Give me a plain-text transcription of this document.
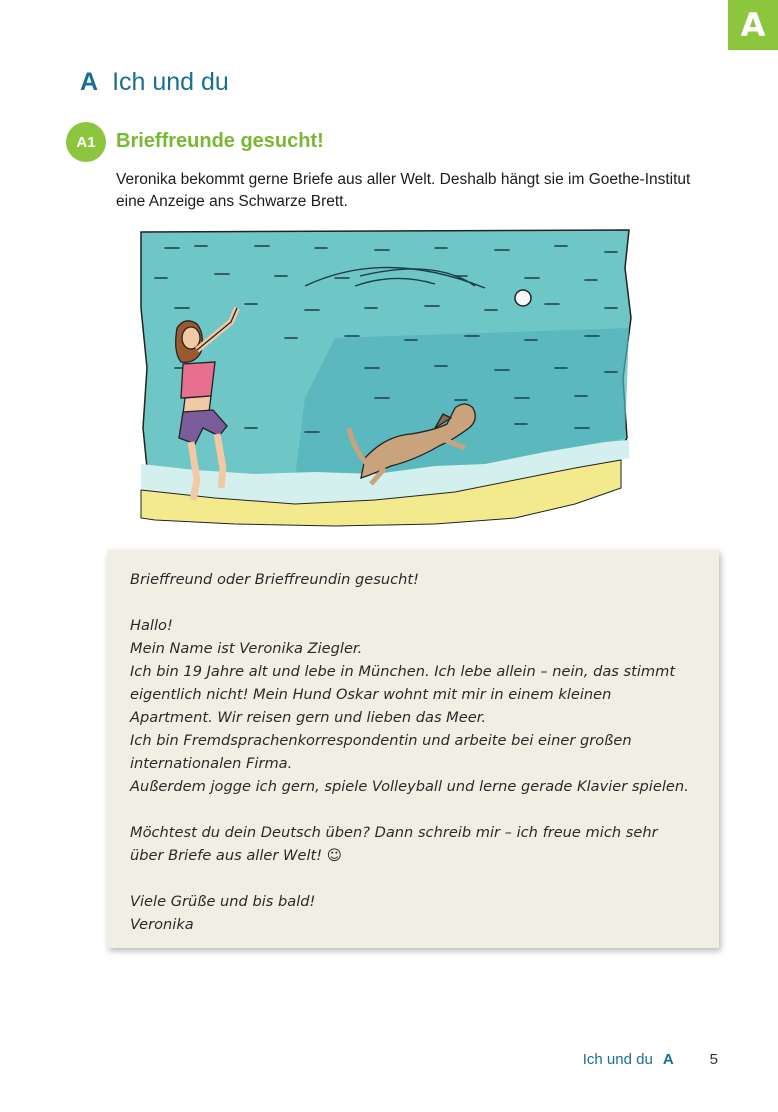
A
A Ich und du
A1	Brieffreunde gesucht!
Veronika bekommt gerne Briefe aus aller Welt. Deshalb hängt sie im Goethe-Institut
eine Anzeige ans Schwarze Brett.
Brieffreund oder Brieffreundin gesucht!
Hallo!
Mein Name ist Veronika Ziegler.
Ich bin 19 Jahre alt und lebe in München. Ich lebe allein – nein, das stimmt
eigentlich nicht! Mein Hund Oskar wohnt mit mir in einem kleinen
Apartment. Wir reisen gern und lieben das Meer.
Ich bin Fremdsprachenkorrespondentin und arbeite bei einer großen
internationalen Firma.
Außerdem jogge ich gern, spiele Volleyball und lerne gerade Klavier spielen.
Möchtest du dein Deutsch üben? Dann schreib mir – ich freue mich sehr
über Briefe aus aller Welt! ☺
Viele Grüße und bis bald!
Veronika
Ich und du A 5
